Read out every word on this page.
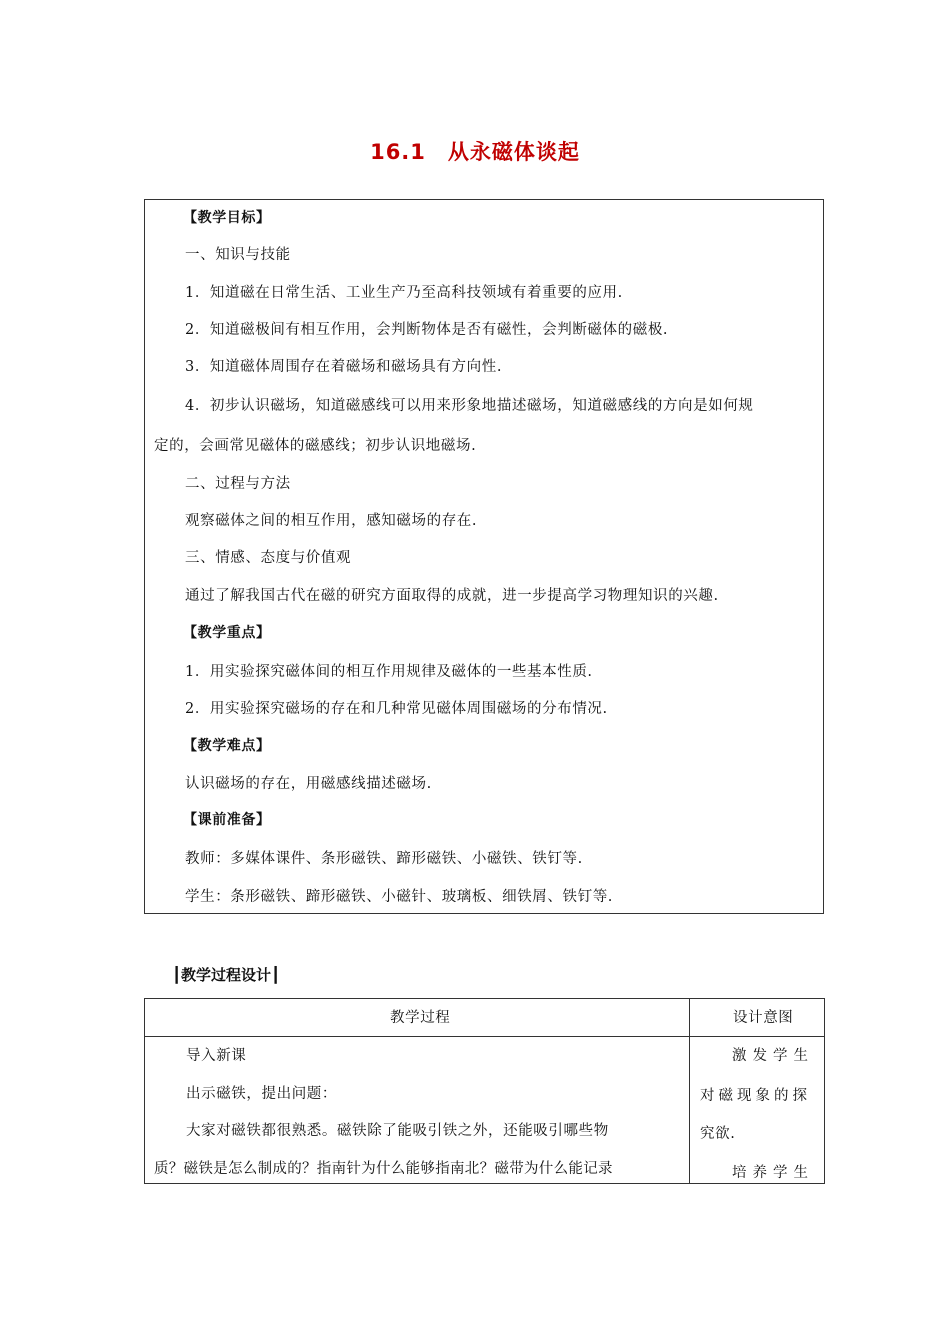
16.1 从永磁体谈起
【教学目标】
一、知识与技能
1．知道磁在日常生活、工业生产乃至高科技领域有着重要的应用.
2．知道磁极间有相互作用，会判断物体是否有磁性，会判断磁体的磁极.
3．知道磁体周围存在着磁场和磁场具有方向性.
4．初步认识磁场，知道磁感线可以用来形象地描述磁场，知道磁感线的方向是如何规
定的，会画常见磁体的磁感线；初步认识地磁场.
二、过程与方法
观察磁体之间的相互作用，感知磁场的存在.
三、情感、态度与价值观
通过了解我国古代在磁的研究方面取得的成就，进一步提高学习物理知识的兴趣.
【教学重点】
1．用实验探究磁体间的相互作用规律及磁体的一些基本性质.
2．用实验探究磁场的存在和几种常见磁体周围磁场的分布情况.
【教学难点】
认识磁场的存在，用磁感线描述磁场.
【课前准备】
教师：多媒体课件、条形磁铁、蹄形磁铁、小磁铁、铁钉等.
学生：条形磁铁、蹄形磁铁、小磁针、玻璃板、细铁屑、铁钉等.
┃教学过程设计┃
教学过程	设计意图
导入新课
出示磁铁，提出问题：
大家对磁铁都很熟悉。磁铁除了能吸引铁之外，还能吸引哪些物
质？磁铁是怎么制成的？指南针为什么能够指南北？磁带为什么能记录
激发学生
对磁现象的探
究欲.
培养学生
